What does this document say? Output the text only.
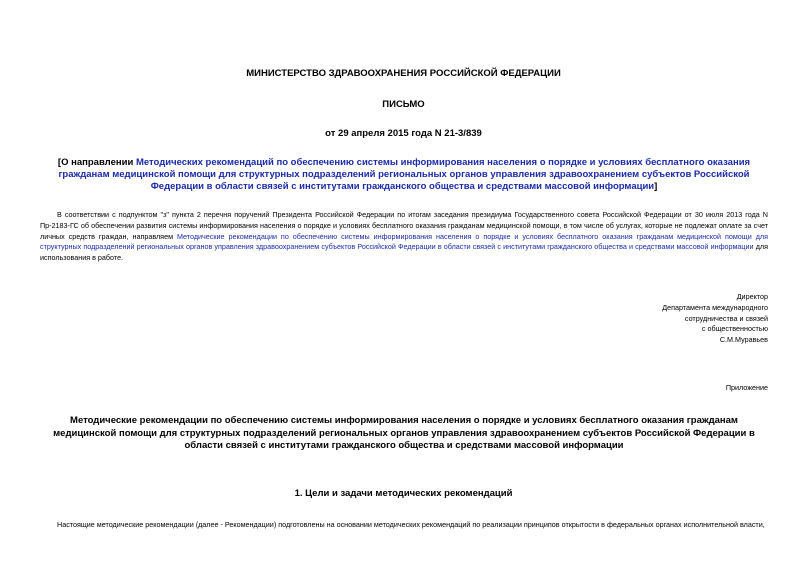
МИНИСТЕРСТВО ЗДРАВООХРАНЕНИЯ РОССИЙСКОЙ ФЕДЕРАЦИИ
ПИСЬМО
от 29 апреля 2015 года N 21-3/839
[О направлении Методических рекомендаций по обеспечению системы информирования населения о порядке и условиях бесплатного оказания гражданам медицинской помощи для структурных подразделений региональных органов управления здравоохранением субъектов Российской Федерации в области связей с институтами гражданского общества и средствами массовой информации]
В соответствии с подпунктом "з" пункта 2 перечня поручений Президента Российской Федерации по итогам заседания президиума Государственного совета Российской Федерации от 30 июля 2013 года N Пр-2183-ГС об обеспечении развития системы информирования населения о порядке и условиях бесплатного оказания гражданам медицинской помощи, в том числе об услугах, которые не подлежат оплате за счет личных средств граждан, направляем Методические рекомендации по обеспечению системы информирования населения о порядке и условиях бесплатного оказания гражданам медицинской помощи для структурных подразделений региональных органов управления здравоохранением субъектов Российской Федерации в области связей с институтами гражданского общества и средствами массовой информации для использования в работе.
Директор
Департамента международного
сотрудничества и связей
с общественностью
С.М.Муравьев
Приложение
Методические рекомендации по обеспечению системы информирования населения о порядке и условиях бесплатного оказания гражданам медицинской помощи для структурных подразделений региональных органов управления здравоохранением субъектов Российской Федерации в области связей с институтами гражданского общества и средствами массовой информации
1. Цели и задачи методических рекомендаций
Настоящие методические рекомендации (далее - Рекомендации) подготовлены на основании методических рекомендаций по реализации принципов открытости в федеральных органах исполнительной власти,
